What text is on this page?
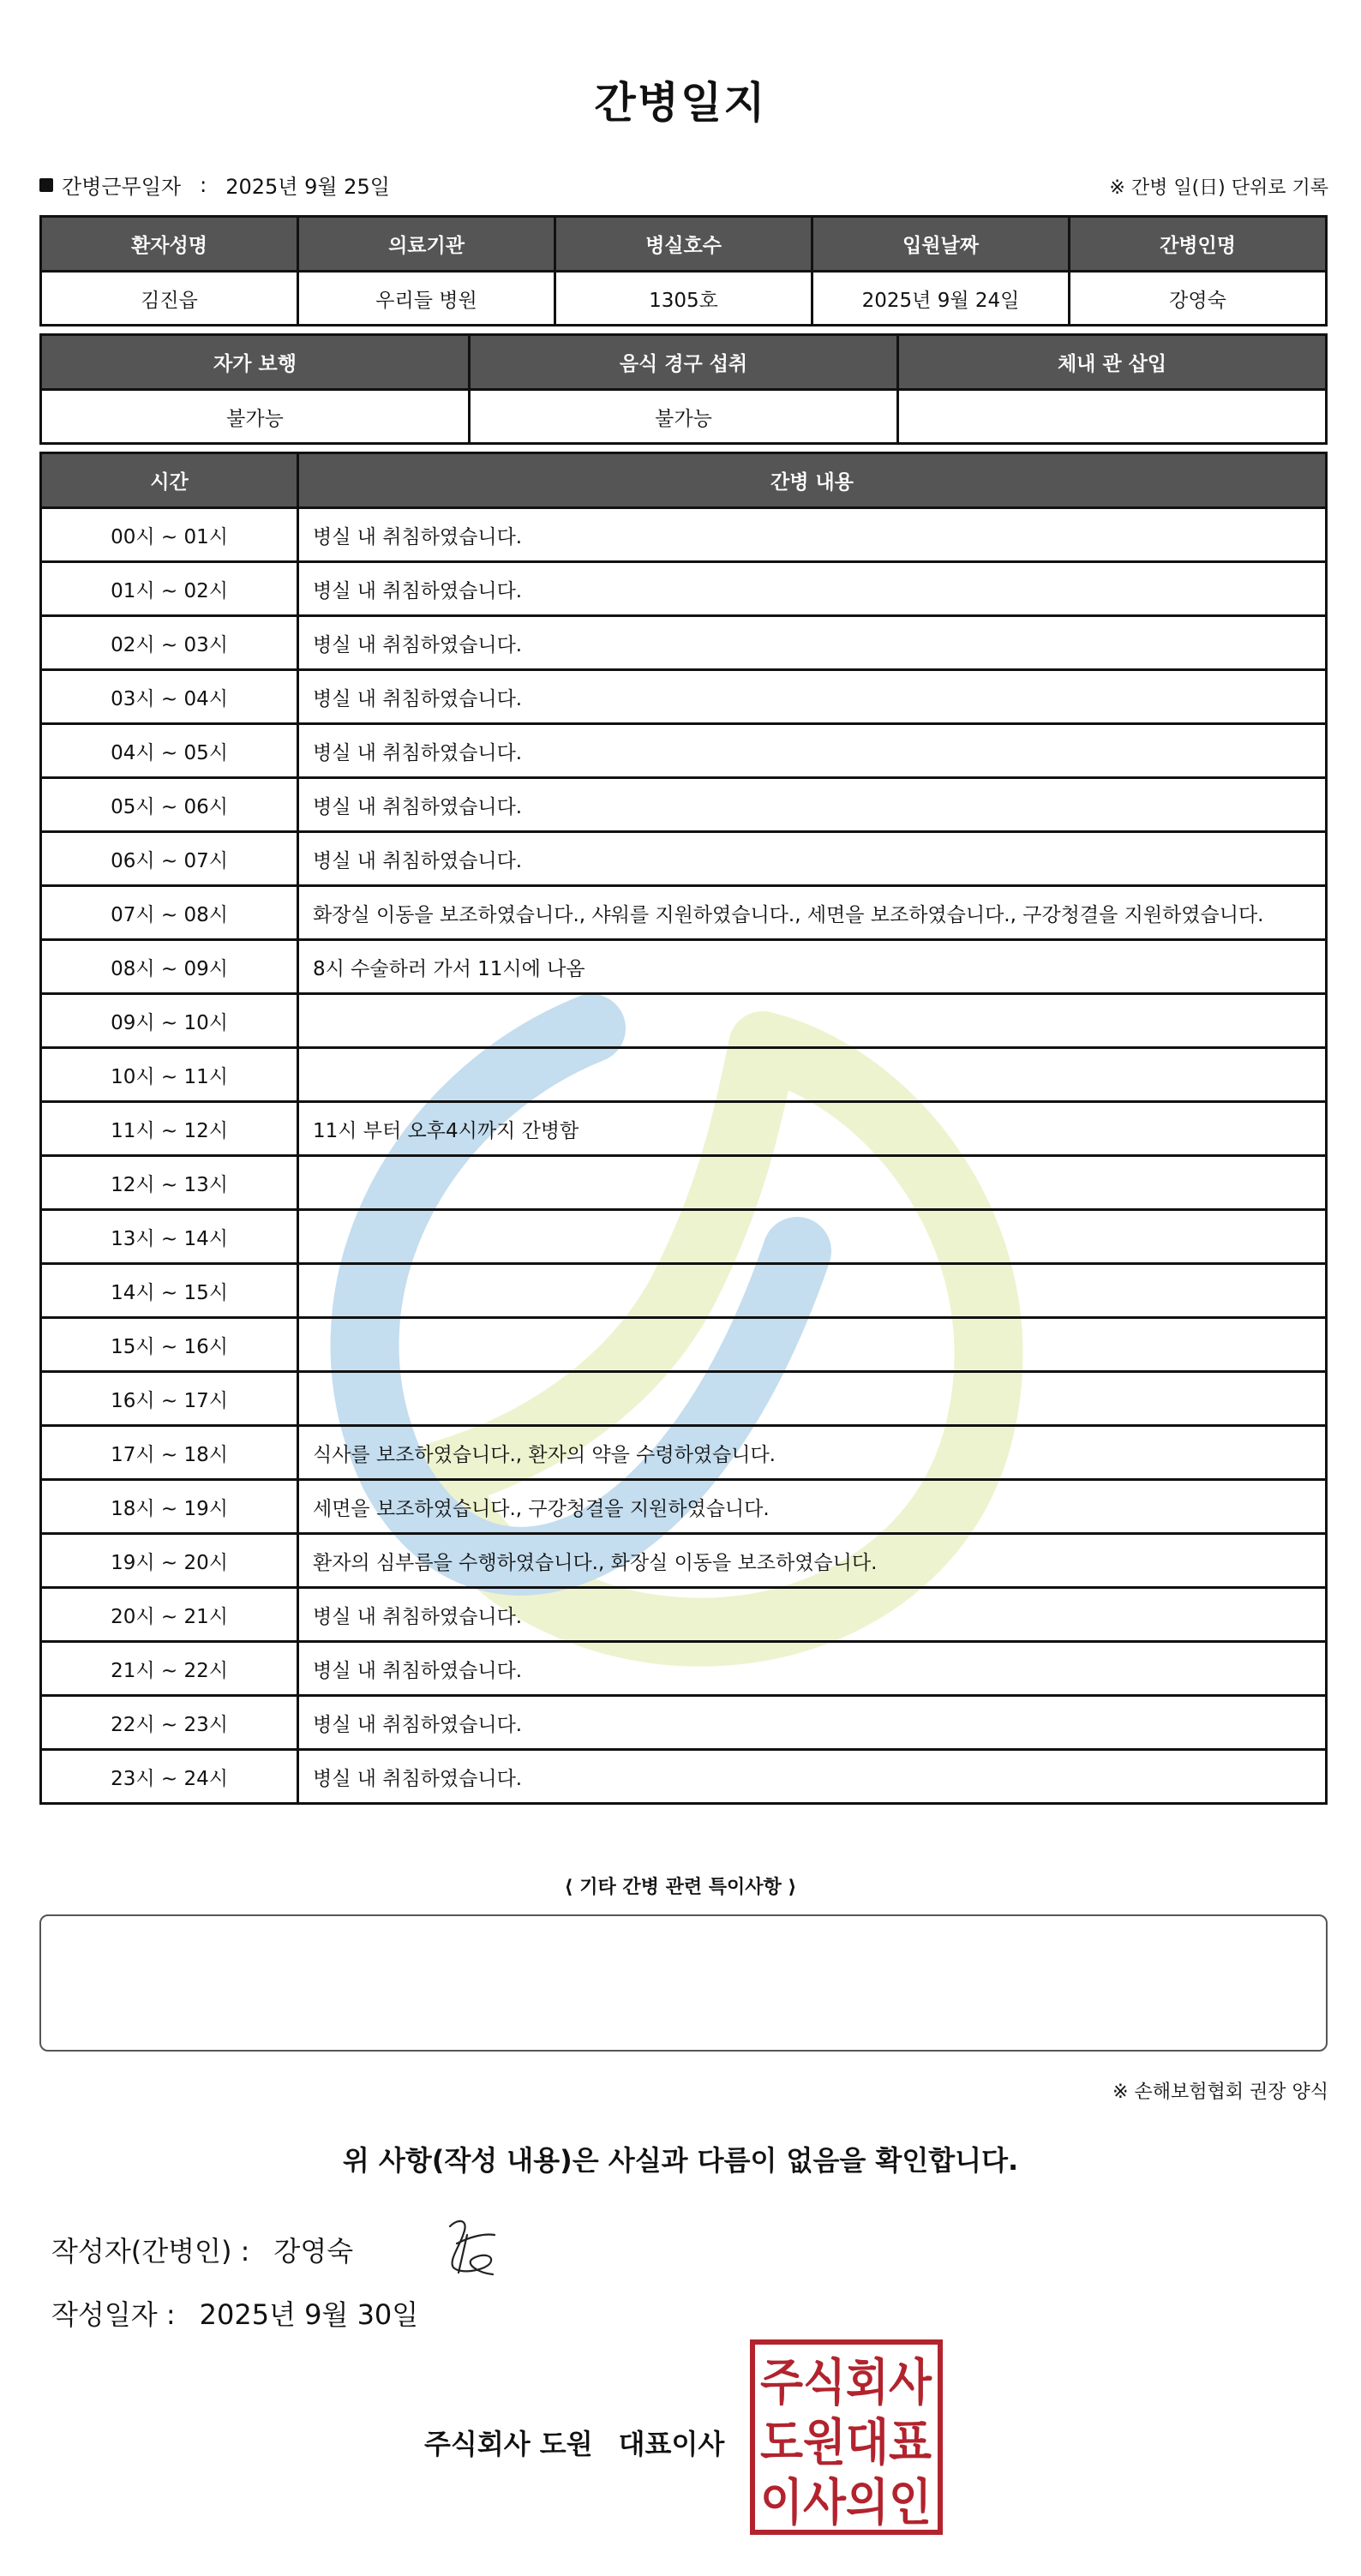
간병일지
간병근무일자 : 2025년 9월 25일	※ 간병 일(日) 단위로 기록
환자성명	의료기관	병실호수	입원날짜	간병인명
김진읍	우리들 병원	1305호	2025년 9월 24일	강영숙
자가 보행	음식 경구 섭취	체내 관 삽입
불가능	불가능	
시간	간병 내용
00시 ~ 01시	병실 내 취침하였습니다.
01시 ~ 02시	병실 내 취침하였습니다.
02시 ~ 03시	병실 내 취침하였습니다.
03시 ~ 04시	병실 내 취침하였습니다.
04시 ~ 05시	병실 내 취침하였습니다.
05시 ~ 06시	병실 내 취침하였습니다.
06시 ~ 07시	병실 내 취침하였습니다.
07시 ~ 08시	화장실 이동을 보조하였습니다., 샤워를 지원하였습니다., 세면을 보조하였습니다., 구강청결을 지원하였습니다.
08시 ~ 09시	8시 수술하러 가서 11시에 나옴
09시 ~ 10시	
10시 ~ 11시	
11시 ~ 12시	11시 부터 오후4시까지 간병함
12시 ~ 13시	
13시 ~ 14시	
14시 ~ 15시	
15시 ~ 16시	
16시 ~ 17시	
17시 ~ 18시	식사를 보조하였습니다., 환자의 약을 수령하였습니다.
18시 ~ 19시	세면을 보조하였습니다., 구강청결을 지원하였습니다.
19시 ~ 20시	환자의 심부름을 수행하였습니다., 화장실 이동을 보조하였습니다.
20시 ~ 21시	병실 내 취침하였습니다.
21시 ~ 22시	병실 내 취침하였습니다.
22시 ~ 23시	병실 내 취침하였습니다.
23시 ~ 24시	병실 내 취침하였습니다.
⟨ 기타 간병 관련 특이사항 ⟩
※ 손해보험협회 권장 양식
위 사항(작성 내용)은 사실과 다름이 없음을 확인합니다.
작성자(간병인) : 강영숙
작성일자 : 2025년 9월 30일
주식회사 도원 대표이사
주식회사
도원대표
이사의인
